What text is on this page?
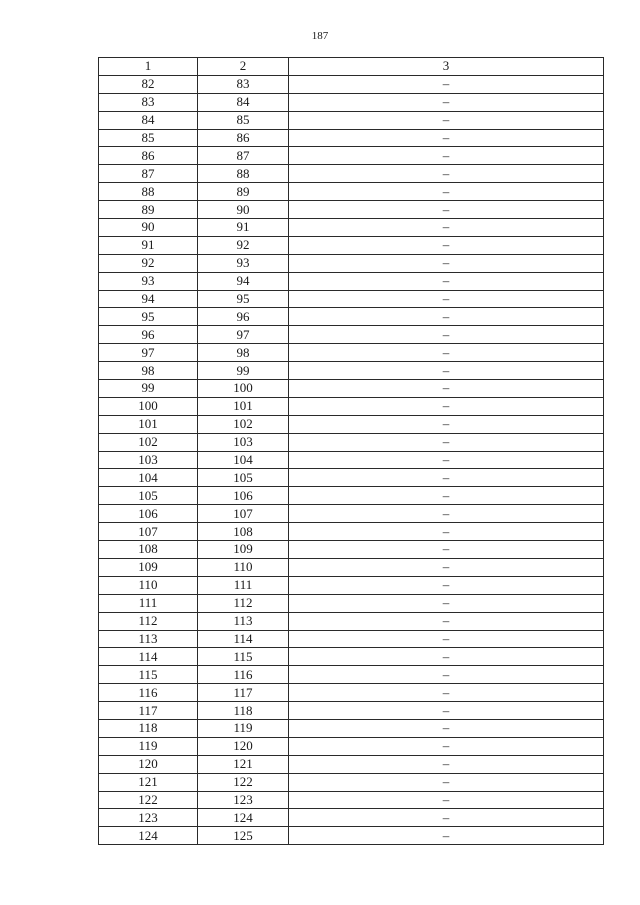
187
1	2	3
82	83	–
83	84	–
84	85	–
85	86	–
86	87	–
87	88	–
88	89	–
89	90	–
90	91	–
91	92	–
92	93	–
93	94	–
94	95	–
95	96	–
96	97	–
97	98	–
98	99	–
99	100	–
100	101	–
101	102	–
102	103	–
103	104	–
104	105	–
105	106	–
106	107	–
107	108	–
108	109	–
109	110	–
110	111	–
111	112	–
112	113	–
113	114	–
114	115	–
115	116	–
116	117	–
117	118	–
118	119	–
119	120	–
120	121	–
121	122	–
122	123	–
123	124	–
124	125	–
